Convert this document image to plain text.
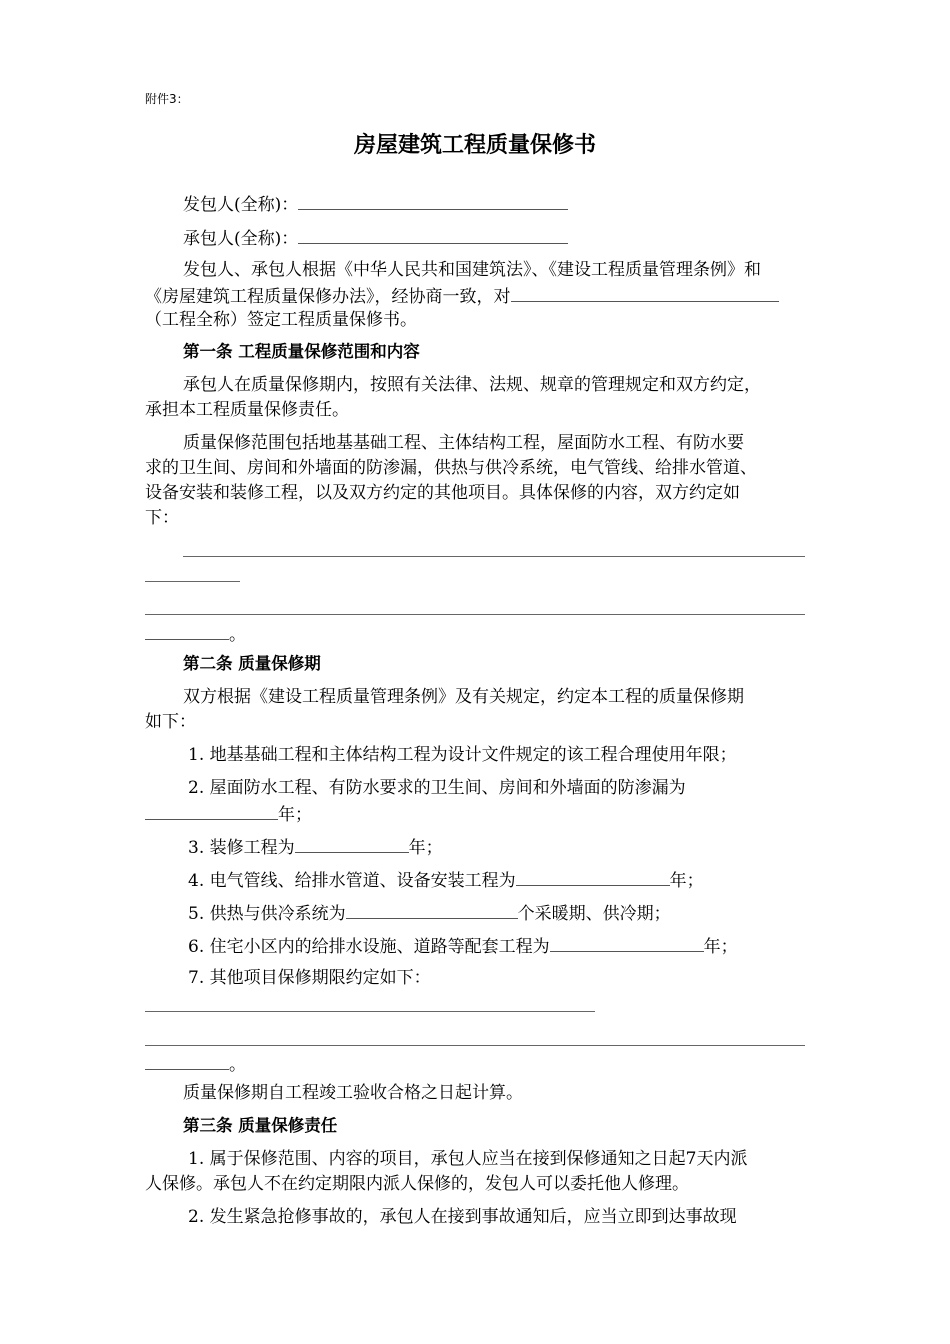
附件3：
房屋建筑工程质量保修书
发包人(全称)：
承包人(全称)：
发包人、承包人根据《中华人民共和国建筑法》、《建设工程质量管理条例》和
《房屋建筑工程质量保修办法》，经协商一致，对
（工程全称）签定工程质量保修书。
第一条 工程质量保修范围和内容
承包人在质量保修期内，按照有关法律、法规、规章的管理规定和双方约定，
承担本工程质量保修责任。
质量保修范围包括地基基础工程、主体结构工程，屋面防水工程、有防水要
求的卫生间、房间和外墙面的防渗漏，供热与供冷系统，电气管线、给排水管道、
设备安装和装修工程，以及双方约定的其他项目。具体保修的内容，双方约定如
下：
。
第二条 质量保修期
双方根据《建设工程质量管理条例》及有关规定，约定本工程的质量保修期
如下：
1. 地基基础工程和主体结构工程为设计文件规定的该工程合理使用年限；
2. 屋面防水工程、有防水要求的卫生间、房间和外墙面的防渗漏为
年；
3. 装修工程为	年；
4. 电气管线、给排水管道、设备安装工程为	年；
5. 供热与供冷系统为	个采暖期、供冷期；
6. 住宅小区内的给排水设施、道路等配套工程为	年；
7. 其他项目保修期限约定如下：
。
质量保修期自工程竣工验收合格之日起计算。
第三条 质量保修责任
1. 属于保修范围、内容的项目，承包人应当在接到保修通知之日起7天内派
人保修。承包人不在约定期限内派人保修的，发包人可以委托他人修理。
2. 发生紧急抢修事故的，承包人在接到事故通知后，应当立即到达事故现
